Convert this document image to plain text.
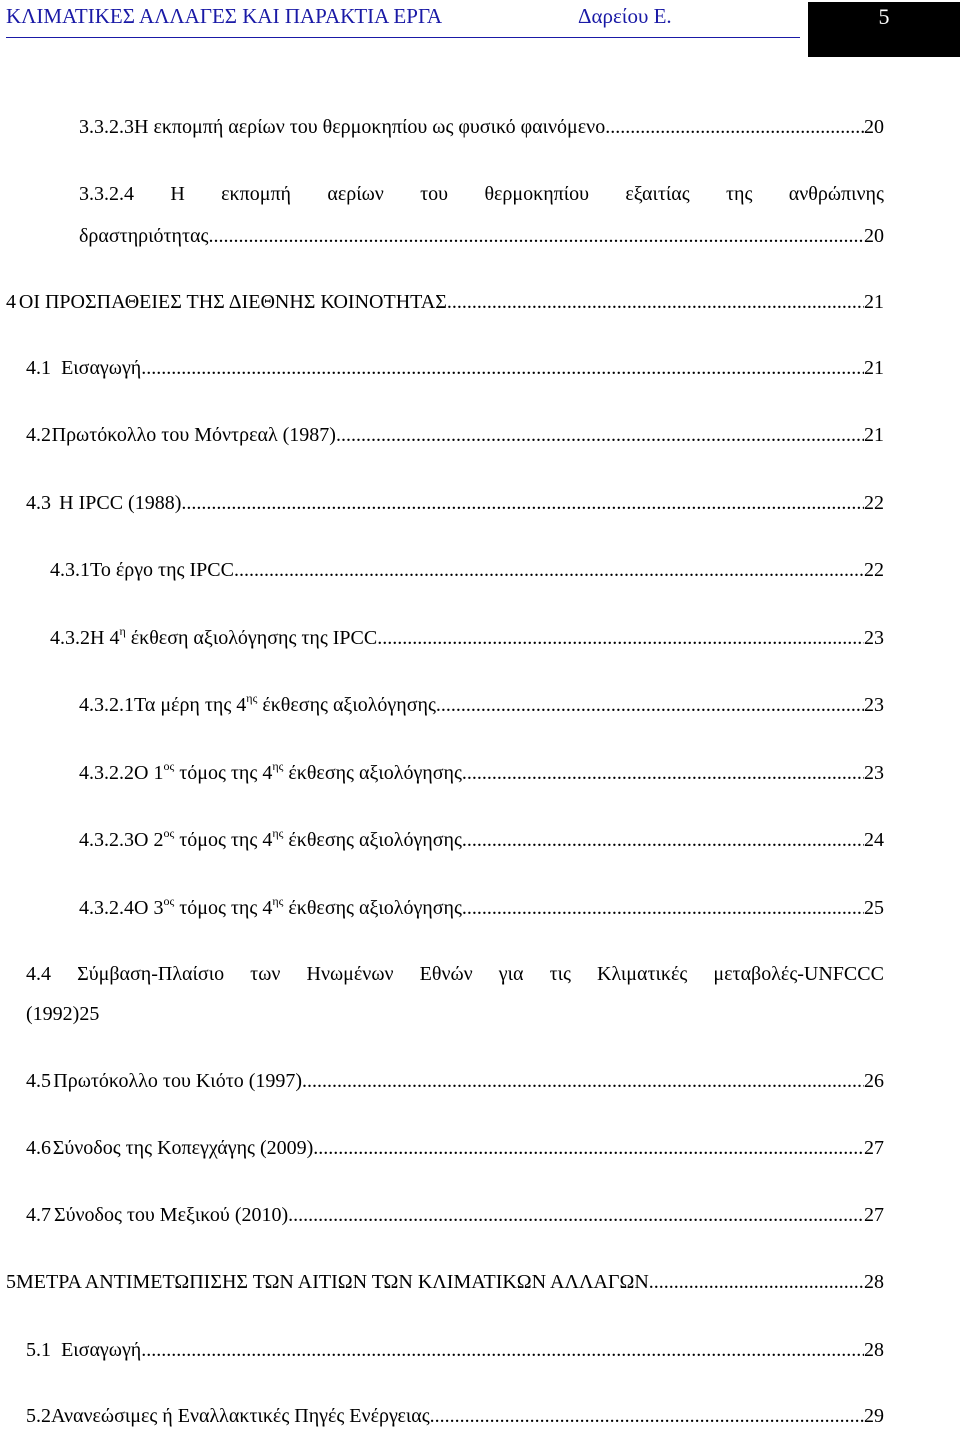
ΚΛΙΜΑΤΙΚΕΣ ΑΛΛΑΓΕΣ ΚΑΙ ΠΑΡΑΚΤΙΑ ΕΡΓΑ	Δαρείου Ε.	5
3.3.2.3 Η εκπομπή αερίων του θερμοκηπίου ως φυσικό φαινόμενο .....	20
3.3.2.4 Η εκπομπή αερίων του θερμοκηπίου εξαιτίας της ανθρώπινης
δραστηριότητας .....	20
4 ΟΙ ΠΡΟΣΠΑΘΕΙΕΣ ΤΗΣ ΔΙΕΘΝΗΣ ΚΟΙΝΟΤΗΤΑΣ .....	21
4.1 Εισαγωγή .....	21
4.2 Πρωτόκολλο του Μόντρεαλ (1987) .....	21
4.3 Η IPCC (1988) .....	22
4.3.1 Το έργο της IPCC .....	22
4.3.2 Η $4^\eta$ έκθεση αξιολόγησης της IPCC .....	23
4.3.2.1 Τα μέρη της $4^{\eta\varsigma}$ έκθεσης αξιολόγησης .....	23
4.3.2.2 Ο $1^{o\varsigma}$ τόμος της $4^{\eta\varsigma}$ έκθεσης αξιολόγησης .....	23
4.3.2.3 Ο $2^{o\varsigma}$ τόμος της $4^{\eta\varsigma}$ έκθεσης αξιολόγησης .....	24
4.3.2.4 Ο $3^{o\varsigma}$ τόμος της $4^{\eta\varsigma}$ έκθεσης αξιολόγησης .....	25
4.4 Σύμβαση-Πλαίσιο των Ηνωμένων Εθνών για τις Κλιματικές μεταβολές-UNFCCC
(1992)25
4.5 Πρωτόκολλο του Κιότο (1997) .....	26
4.6 Σύνοδος της Κοπεγχάγης (2009) .....	27
4.7 Σύνοδος του Μεξικού (2010) .....	27
5 ΜΕΤΡΑ ΑΝΤΙΜΕΤΩΠΙΣΗΣ ΤΩΝ ΑΙΤΙΩΝ ΤΩΝ ΚΛΙΜΑΤΙΚΩΝ ΑΛΛΑΓΩΝ .....	28
5.1 Εισαγωγή .....	28
5.2 Ανανεώσιμες ή Εναλλακτικές Πηγές Ενέργειας .....	29
